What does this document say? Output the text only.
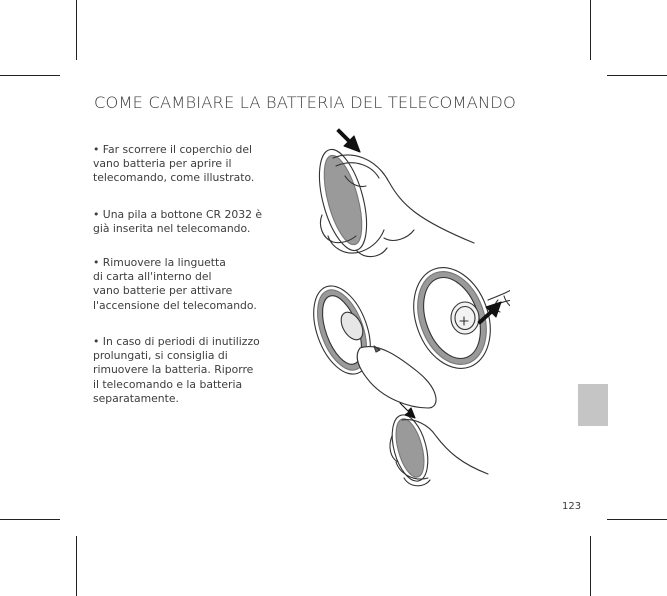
COME CAMBIARE LA BATTERIA DEL TELECOMANDO

• Far scorrere il coperchio del
vano batteria per aprire il
telecomando, come illustrato.

• Una pila a bottone CR 2032 è
già inserita nel telecomando.

• Rimuovere la linguetta
di carta all'interno del
vano batterie per attivare
l'accensione del telecomando.

• In caso di periodi di inutilizzo
prolungati, si consiglia di
rimuovere la batteria. Riporre
il telecomando e la batteria
separatamente.

123
